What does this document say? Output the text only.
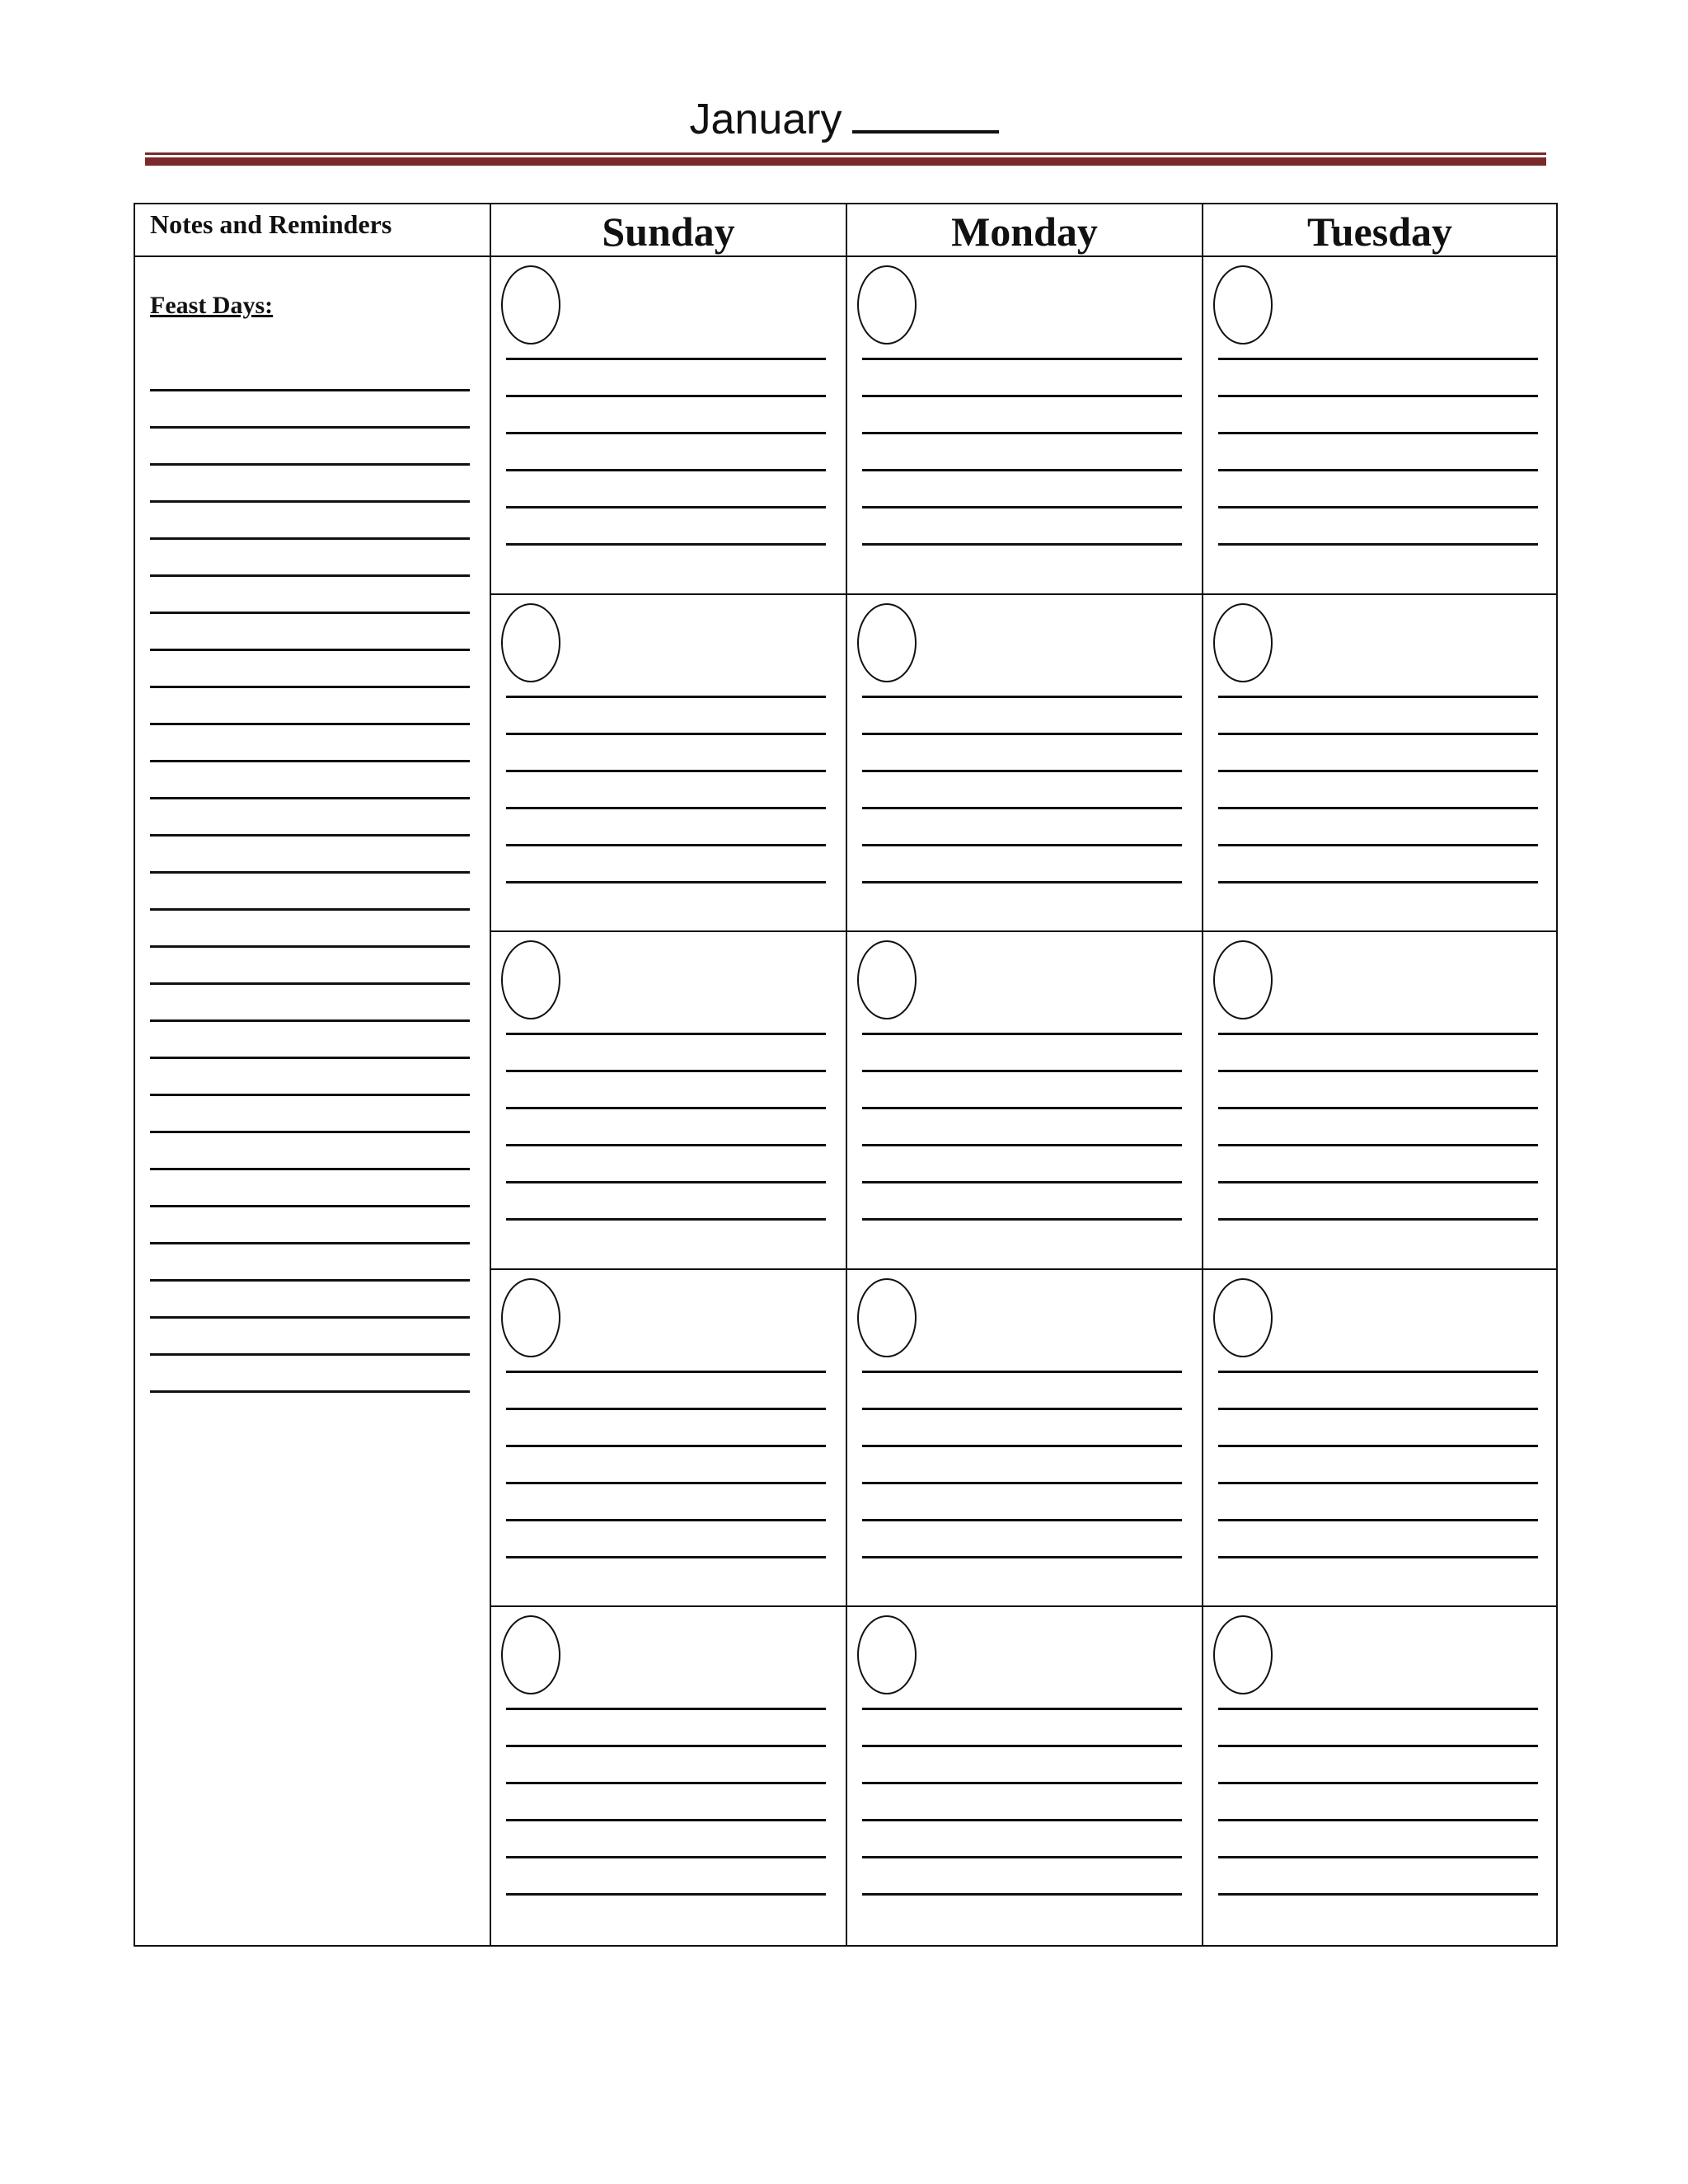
January
Notes and Reminders	Sunday	Monday	Tuesday
Feast Days:
